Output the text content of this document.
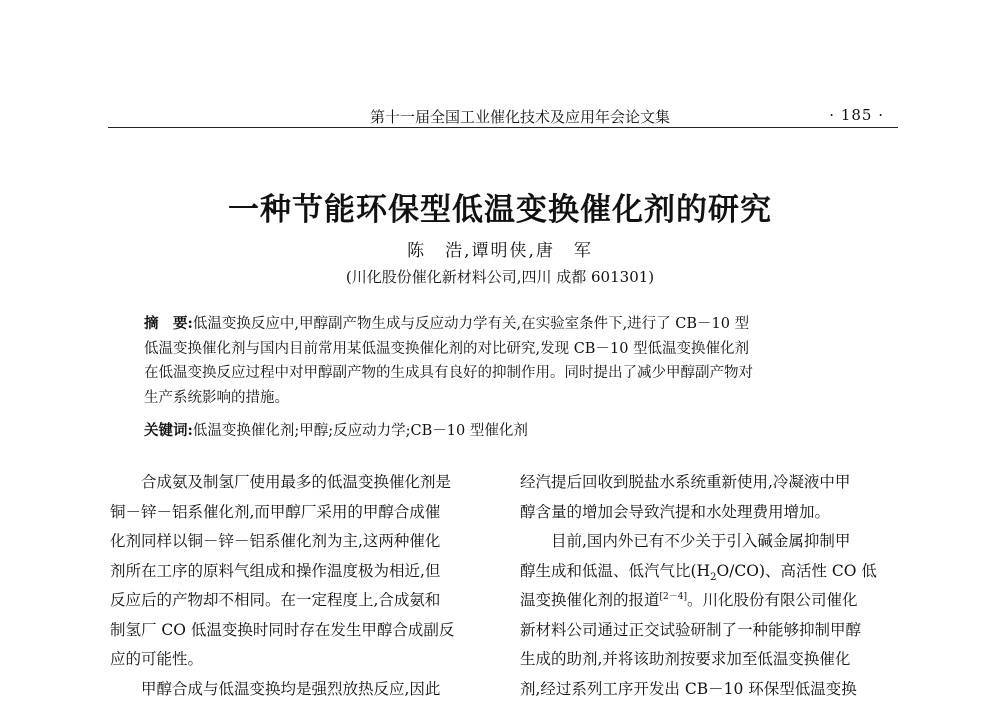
第十一届全国工业催化技术及应用年会论文集	· 185 ·
一种节能环保型低温变换催化剂的研究
陈　浩,谭明侠,唐　军
(川化股份催化新材料公司,四川 成都 601301)
摘　要:低温变换反应中,甲醇副产物生成与反应动力学有关,在实验室条件下,进行了 CB－10 型
低温变换催化剂与国内目前常用某低温变换催化剂的对比研究,发现 CB－10 型低温变换催化剂
在低温变换反应过程中对甲醇副产物的生成具有良好的抑制作用。同时提出了减少甲醇副产物对
生产系统影响的措施。
关键词:低温变换催化剂;甲醇;反应动力学;CB－10 型催化剂
合成氨及制氢厂使用最多的低温变换催化剂是
铜－锌－铝系催化剂,而甲醇厂采用的甲醇合成催
化剂同样以铜－锌－铝系催化剂为主,这两种催化
剂所在工序的原料气组成和操作温度极为相近,但
反应后的产物却不相同。在一定程度上,合成氨和
制氢厂 CO 低温变换时同时存在发生甲醇合成副反
应的可能性。
甲醇合成与低温变换均是强烈放热反应,因此
经汽提后回收到脱盐水系统重新使用,冷凝液中甲
醇含量的增加会导致汽提和水处理费用增加。
目前,国内外已有不少关于引入碱金属抑制甲
醇生成和低温、低汽气比$(H_2O/CO)$、高活性 CO 低
温变换催化剂的报道[2－4]。川化股份有限公司催化
新材料公司通过正交试验研制了一种能够抑制甲醇
生成的助剂,并将该助剂按要求加至低温变换催化
剂,经过系列工序开发出 CB－10 环保型低温变换
